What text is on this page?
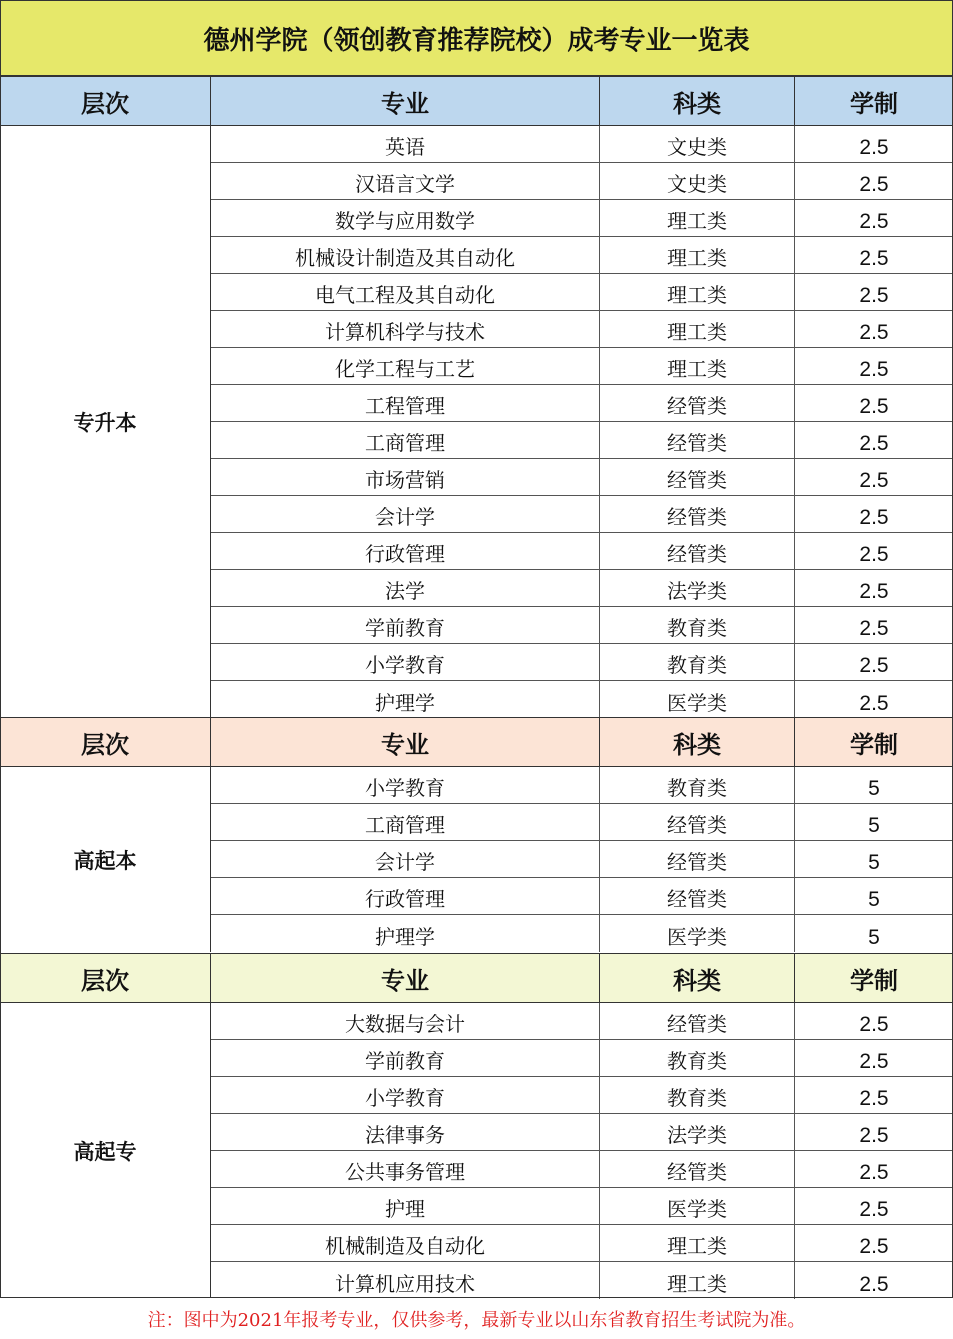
德州学院（领创教育推荐院校）成考专业一览表
层次	专业	科类	学制
专升本
英语	文史类	2.5
汉语言文学	文史类	2.5
数学与应用数学	理工类	2.5
机械设计制造及其自动化	理工类	2.5
电气工程及其自动化	理工类	2.5
计算机科学与技术	理工类	2.5
化学工程与工艺	理工类	2.5
工程管理	经管类	2.5
工商管理	经管类	2.5
市场营销	经管类	2.5
会计学	经管类	2.5
行政管理	经管类	2.5
法学	法学类	2.5
学前教育	教育类	2.5
小学教育	教育类	2.5
护理学	医学类	2.5
层次	专业	科类	学制
高起本
小学教育	教育类	5
工商管理	经管类	5
会计学	经管类	5
行政管理	经管类	5
护理学	医学类	5
层次	专业	科类	学制
高起专
大数据与会计	经管类	2.5
学前教育	教育类	2.5
小学教育	教育类	2.5
法律事务	法学类	2.5
公共事务管理	经管类	2.5
护理	医学类	2.5
机械制造及自动化	理工类	2.5
计算机应用技术	理工类	2.5
注：图中为2021年报考专业，仅供参考，最新专业以山东省教育招生考试院为准。
